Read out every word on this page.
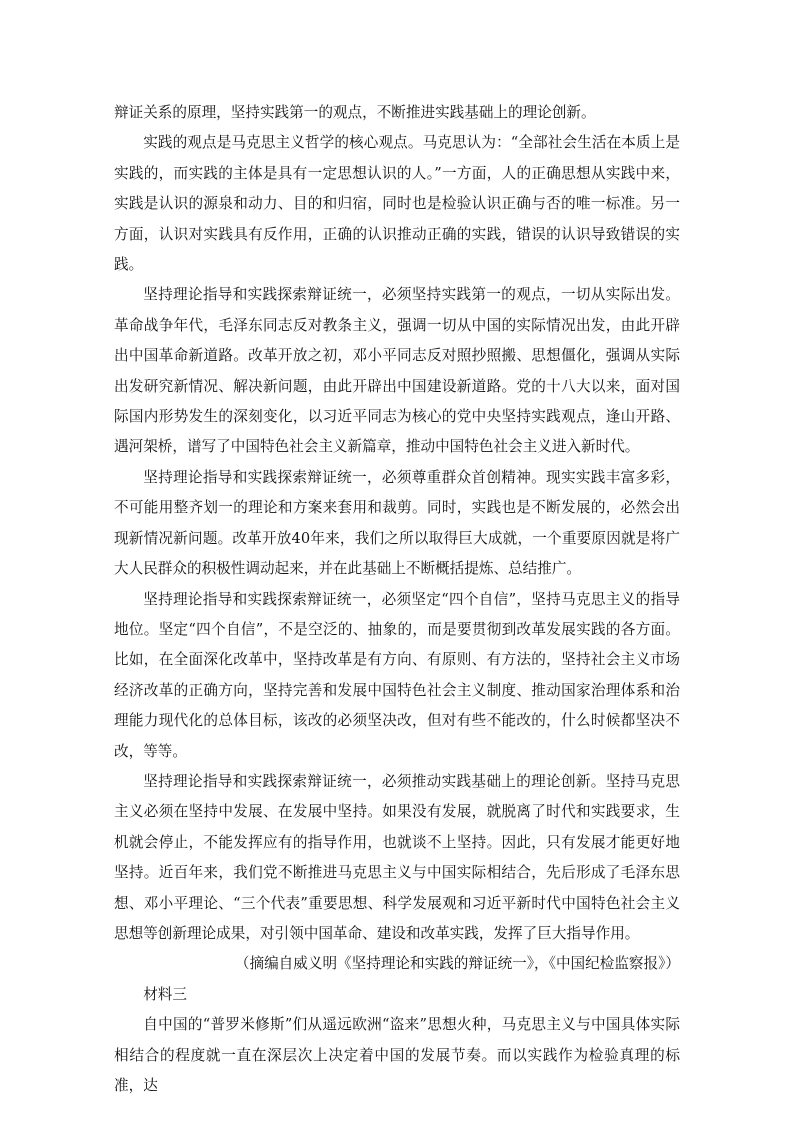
辩证关系的原理，坚持实践第一的观点，不断推进实践基础上的理论创新。

实践的观点是马克思主义哲学的核心观点。马克思认为：“全部社会生活在本质上是实践的，而实践的主体是具有一定思想认识的人。”一方面，人的正确思想从实践中来，实践是认识的源泉和动力、目的和归宿，同时也是检验认识正确与否的唯一标准。另一方面，认识对实践具有反作用，正确的认识推动正确的实践，错误的认识导致错误的实践。

坚持理论指导和实践探索辩证统一，必须坚持实践第一的观点，一切从实际出发。革命战争年代，毛泽东同志反对教条主义，强调一切从中国的实际情况出发，由此开辟出中国革命新道路。改革开放之初，邓小平同志反对照抄照搬、思想僵化，强调从实际出发研究新情况、解决新问题，由此开辟出中国建设新道路。党的十八大以来，面对国际国内形势发生的深刻变化，以习近平同志为核心的党中央坚持实践观点，逢山开路、遇河架桥，谱写了中国特色社会主义新篇章，推动中国特色社会主义进入新时代。

坚持理论指导和实践探索辩证统一，必须尊重群众首创精神。现实实践丰富多彩，不可能用整齐划一的理论和方案来套用和裁剪。同时，实践也是不断发展的，必然会出现新情况新问题。改革开放40年来，我们之所以取得巨大成就，一个重要原因就是将广大人民群众的积极性调动起来，并在此基础上不断概括提炼、总结推广。

坚持理论指导和实践探索辩证统一，必须坚定“四个自信”，坚持马克思主义的指导地位。坚定“四个自信”，不是空泛的、抽象的，而是要贯彻到改革发展实践的各方面。比如，在全面深化改革中，坚持改革是有方向、有原则、有方法的，坚持社会主义市场经济改革的正确方向，坚持完善和发展中国特色社会主义制度、推动国家治理体系和治理能力现代化的总体目标，该改的必须坚决改，但对有些不能改的，什么时候都坚决不改，等等。

坚持理论指导和实践探索辩证统一，必须推动实践基础上的理论创新。坚持马克思主义必须在坚持中发展、在发展中坚持。如果没有发展，就脱离了时代和实践要求，生机就会停止，不能发挥应有的指导作用，也就谈不上坚持。因此，只有发展才能更好地坚持。近百年来，我们党不断推进马克思主义与中国实际相结合，先后形成了毛泽东思想、邓小平理论、“三个代表”重要思想、科学发展观和习近平新时代中国特色社会主义思想等创新理论成果，对引领中国革命、建设和改革实践，发挥了巨大指导作用。

（摘编自威义明《坚持理论和实践的辩证统一》，《中国纪检监察报》）

材料三

自中国的“普罗米修斯”们从遥远欧洲“盗来”思想火种，马克思主义与中国具体实际相结合的程度就一直在深层次上决定着中国的发展节奏。而以实践作为检验真理的标准，达
